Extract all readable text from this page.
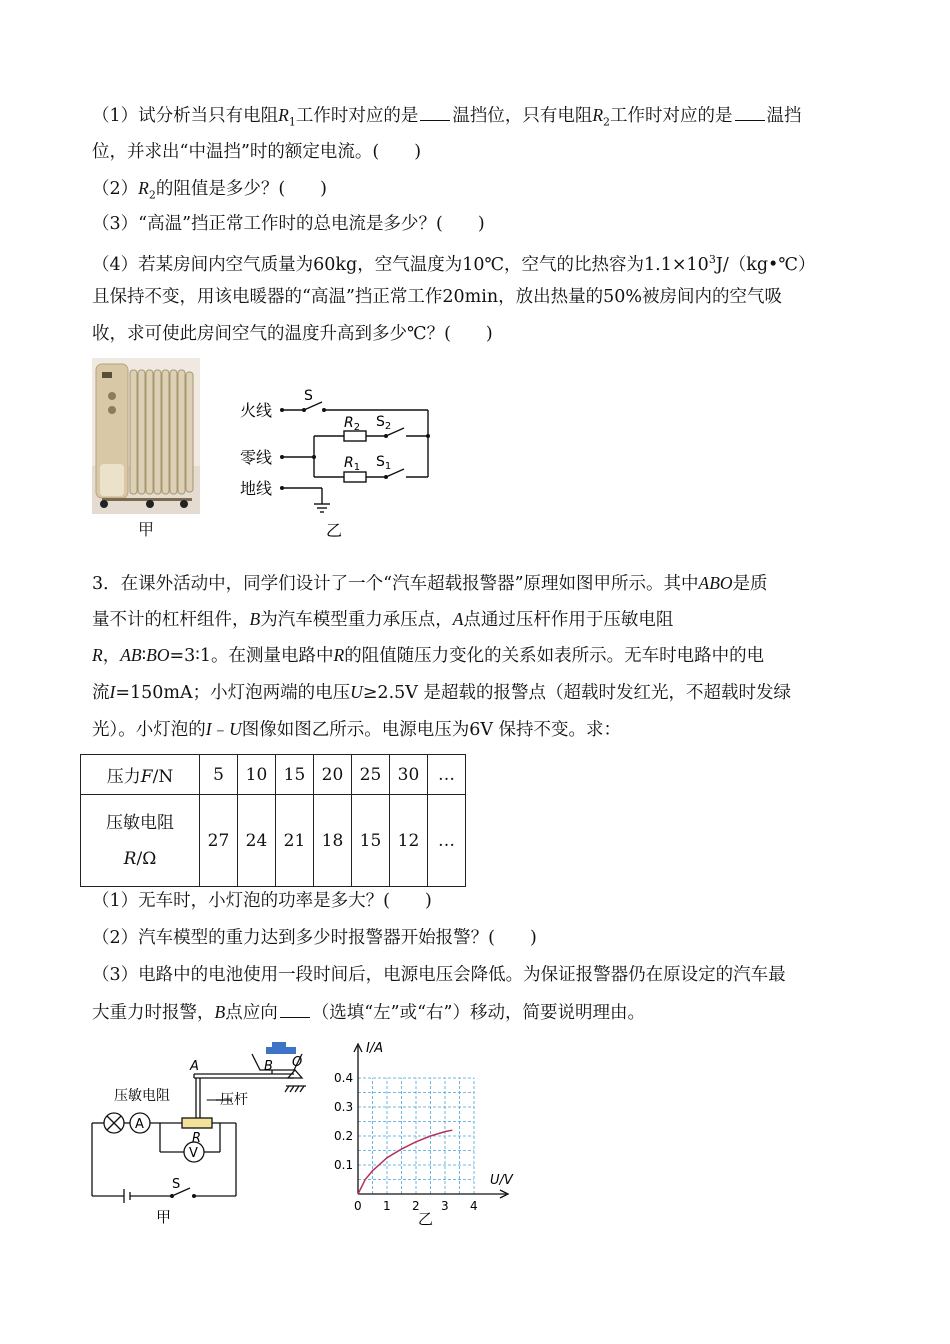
（1）试分析当只有电阻$R_1$工作时对应的是 温挡位，只有电阻$R_2$工作时对应的是 温挡
位，并求出“中温挡”时的额定电流。(　　)
$(2)R_2$的阻值是多少？(　　)
（3）“高温”挡正常工作时的总电流是多少？(　　)
（4）若某房间内空气质量为60kg，空气温度为10℃，空气的比热容为$1.1\times 10^3J/(kg•℃)$
且保持不变，用该电暖器的“高温”挡正常工作20min，放出热量的50%被房间内的空气吸
收，求可使此房间空气的温度升高到多少℃？(　　)
甲
火线
零线
地线
S
$R_2$ $S_2$
$R_1$ $S_1$
乙
3．在课外活动中，同学们设计了一个“汽车超载报警器”原理如图甲所示。其中ABO是质
量不计的杠杆组件，B为汽车模型重力承压点，A点通过压杆作用于压敏电阻
R，AB∶BO=3∶1。在测量电路中R的阻值随压力变化的关系如表所示。无车时电路中的电
流I=150mA；小灯泡两端的电压U≥2.5V 是超载的报警点（超载时发红光，不超载时发绿
光）。小灯泡的I﹣U图像如图乙所示。电源电压为6V 保持不变。求：
压力F/N	5	10	15	20	25	30	…
压敏电阻
R/Ω	27	24	21	18	15	12	…
（1）无车时，小灯泡的功率是多大？(　　)
（2）汽车模型的重力达到多少时报警器开始报警？(　　)
（3）电路中的电池使用一段时间后，电源电压会降低。为保证报警器仍在原设定的汽车最
大重力时报警，B点应向 （选填“左”或“右”）移动，简要说明理由。
A	B O
压敏电阻	—压杆
R
A
V
S
甲
I/A
U/V
0.1
0.2
0.3
0.4
0 1 2 3 4
乙
